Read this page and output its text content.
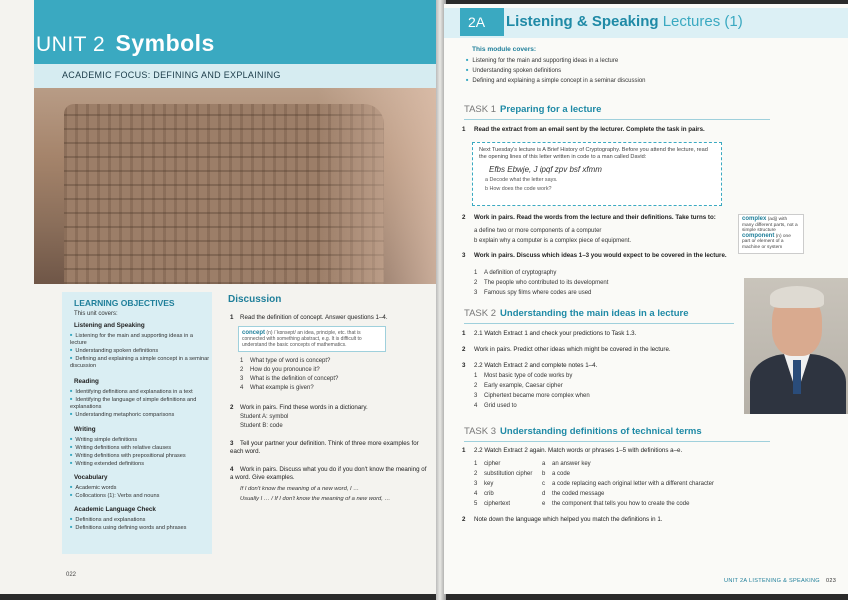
UNIT 2 Symbols
ACADEMIC FOCUS: DEFINING AND EXPLAINING
LEARNING OBJECTIVES
This unit covers:
Listening and Speaking
■ Listening for the main and supporting ideas in a lecture
■ Understanding spoken definitions
■ Defining and explaining a simple concept in a seminar discussion
Reading
■ Identifying definitions and explanations in a text
■ Identifying the language of simple definitions and explanations
■ Understanding metaphoric comparisons
Writing
■ Writing simple definitions
■ Writing definitions with relative clauses
■ Writing definitions with prepositional phrases
■ Writing extended definitions
Vocabulary
■ Academic words
■ Collocations (1): Verbs and nouns
Academic Language Check
■ Definitions and explanations
■ Definitions using defining words and phrases
Discussion
1 Read the definition of concept. Answer questions 1–4.
concept (n) /ˈkɒnsept/ an idea, principle, etc. that is connected with something abstract, e.g. It is difficult to understand the basic concepts of mathematics.
1 What type of word is concept?
2 How do you pronounce it?
3 What is the definition of concept?
4 What example is given?
2 Work in pairs. Find these words in a dictionary.
Student A: symbol
Student B: code
3 Tell your partner your definition. Think of three more examples for each word.
4 Work in pairs. Discuss what you do if you don't know the meaning of a word. Give examples.
If I don't know the meaning of a new word, I …
Usually I … / If I don't know the meaning of a new word, …
022
2A	Listening & Speaking Lectures (1)
This module covers:
■ Listening for the main and supporting ideas in a lecture
■ Understanding spoken definitions
■ Defining and explaining a simple concept in a seminar discussion
TASK 1 Preparing for a lecture
1 Read the extract from an email sent by the lecturer. Complete the task in pairs.
Next Tuesday's lecture is A Brief History of Cryptography. Before you attend the lecture, read the opening lines of this letter written in code to a man called David:
Efbs Ebwje, J ipqf zpv bsf xfmm
a Decode what the letter says.
b How does the code work?
2 Work in pairs. Read the words from the lecture and their definitions. Take turns to:
a define two or more components of a computer
b explain why a computer is a complex piece of equipment.
complex (adj) with many different parts, not a simple structure
component (n) one part or element of a machine or system
3 Work in pairs. Discuss which ideas 1–3 you would expect to be covered in the lecture.
1 A definition of cryptography
2 The people who contributed to its development
3 Famous spy films where codes are used
TASK 2 Understanding the main ideas in a lecture
1 2.1 Watch Extract 1 and check your predictions to Task 1.3.
2 Work in pairs. Predict other ideas which might be covered in the lecture.
3 2.2 Watch Extract 2 and complete notes 1–4.
1 Most basic type of code works by
2 Early example, Caesar cipher
3 Ciphertext became more complex when
4 Grid used to
TASK 3 Understanding definitions of technical terms
1 2.2 Watch Extract 2 again. Match words or phrases 1–5 with definitions a–e.
1 cipher
2 substitution cipher
3 key
4 crib
5 ciphertext
a an answer key
b a code
c a code replacing each original letter with a different character
d the coded message
e the component that tells you how to create the code
2 Note down the language which helped you match the definitions in 1.
UNIT 2A LISTENING & SPEAKING 023
